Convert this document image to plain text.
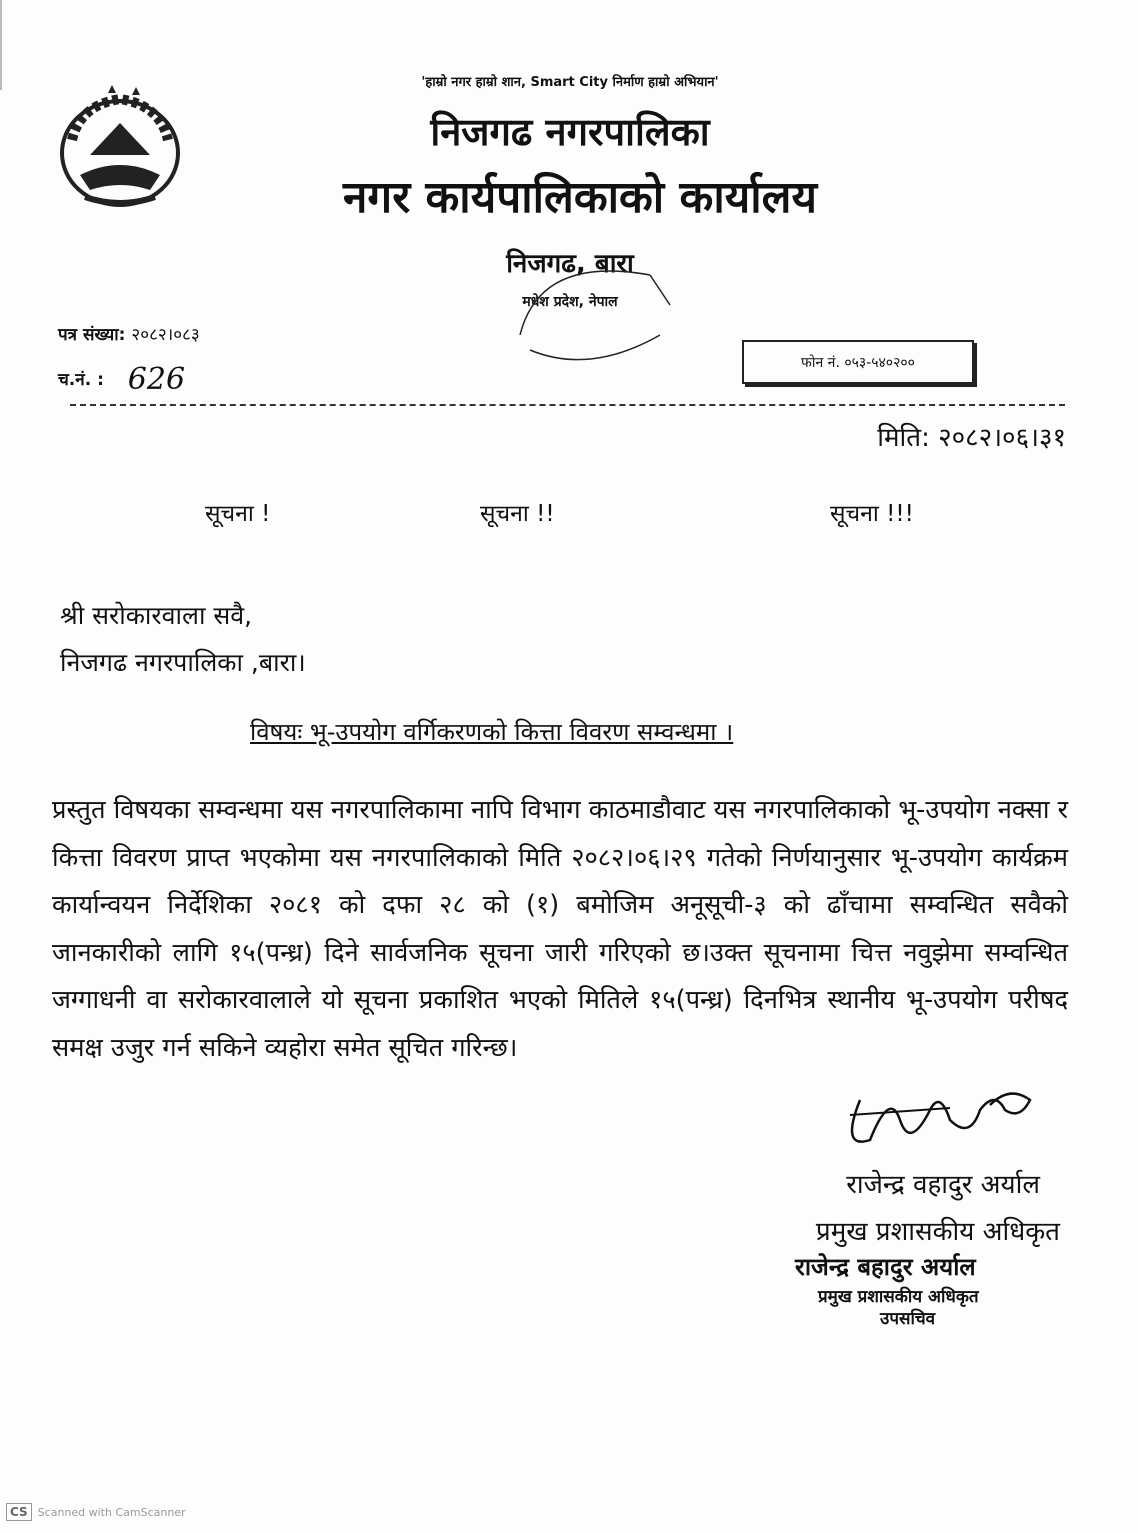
'हाम्रो नगर हाम्रो शान, Smart City निर्माण हाम्रो अभियान'
निजगढ नगरपालिका
नगर कार्यपालिकाको कार्यालय
निजगढ, बारा
मधेश प्रदेश, नेपाल
पत्र संख्या: २०८२।०८३
च.नं. : 626	फोन नं. ०५३-५४०२००
मिति: २०८२।०६।३१
सूचना !	सूचना !!	सूचना !!!
श्री सरोकारवाला सवै,
निजगढ नगरपालिका ,बारा।
विषयः भू-उपयोग वर्गिकरणको कित्ता विवरण सम्वन्धमा ।
प्रस्तुत विषयका सम्वन्धमा यस नगरपालिकामा नापि विभाग काठमाडौवाट यस नगरपालिकाको भू-उपयोग नक्सा र कित्ता विवरण प्राप्त भएकोमा यस नगरपालिकाको मिति २०८२।०६।२९ गतेको निर्णयानुसार भू-उपयोग कार्यक्रम कार्यान्वयन निर्देशिका २०८१ को दफा २८ को (१) बमोजिम अनूसूची-३ को ढाँचामा सम्वन्धित सवैको जानकारीको लागि १५(पन्ध्र) दिने सार्वजनिक सूचना जारी गरिएको छ।उक्त सूचनामा चित्त नवुझेमा सम्वन्धित जग्गाधनी वा सरोकारवालाले यो सूचना प्रकाशित भएको मितिले १५(पन्ध्र) दिनभित्र स्थानीय भू-उपयोग परीषद समक्ष उजुर गर्न सकिने व्यहोरा समेत सूचित गरिन्छ।
राजेन्द्र वहादुर अर्याल
प्रमुख प्रशासकीय अधिकृत
राजेन्द्र बहादुर अर्याल
प्रमुख प्रशासकीय अधिकृत
उपसचिव
CS Scanned with CamScanner
